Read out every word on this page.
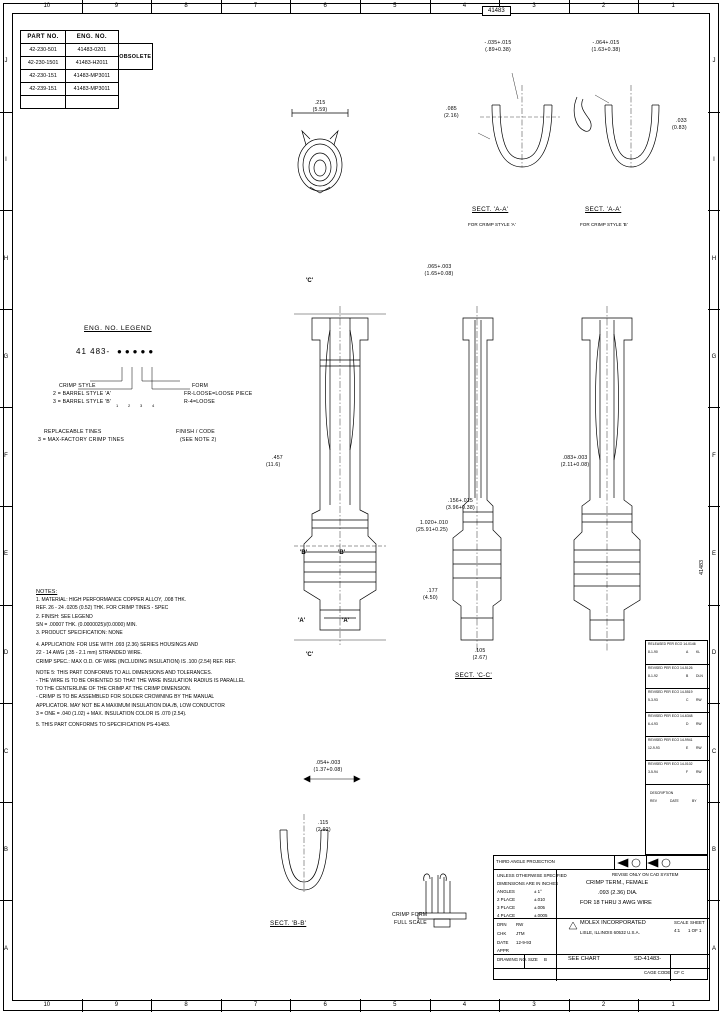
10	9	8	7	6	5	4	3	2	1
10	9	8	7	6	5	4	3	2	1
J
I
H
G
F
E
D
C
B
A
J
I
H
G
F
E
D
C
B
A
41483
PART NO.	ENG. NO.	
42-230-501	41483-0201	OBSOLETE
42-230-1501	41483-H2011	
42-230-151	41483-MP3011	
42-239-151	41483-MP3011	

ENG. NO. LEGEND
41 483- ●●●●●
1 2 3 4
CRIMP STYLE
2 = BARREL STYLE 'A'
3 = BARREL STYLE 'B'
REPLACEABLE TINES
3 = MAX-FACTORY CRIMP TINES
FORM
FR-LOOSE=LOOSE PIECE
R-4=LOOSE
FINISH / CODE
(SEE NOTE 2)
NOTES:
1. MATERIAL: HIGH PERFORMANCE COPPER ALLOY, .008 THK.
REF. 26 - 24 .0205 (0.52) THK. FOR CRIMP TINES - SPEC
2. FINISH: SEE LEGEND
SN = .00007 THK. (0.0000025)/(0.0000) MIN.
3. PRODUCT SPECIFICATION: NONE
4. APPLICATION: FOR USE WITH .093 (2.36) SERIES HOUSINGS AND
22 - 14 AWG (.35 - 2.1 mm) STRANDED WIRE.
CRIMP SPEC.: MAX O.D. OF WIRE (INCLUDING INSULATION) IS .100 (2.54) REF. REF.
NOTE 5: THIS PART CONFORMS TO ALL DIMENSIONS AND TOLERANCES.
- THE WIRE IS TO BE ORIENTED SO THAT THE WIRE INSULATION RADIUS IS PARALLEL
TO THE CENTERLINE OF THE CRIMP AT THE CRIMP DIMENSION.
- CRIMP IS TO BE ASSEMBLED FOR SOLDER CROWNING BY THE MANUAL
APPLICATOR. MAY NOT BE A MAXIMUM INSULATION DIA./B, LOW CONDUCTOR
3 = ONE = .040 (1.02) + MAX. INSULATION COLOR IS .070 (2.54).
5. THIS PART CONFORMS TO SPECIFICATION PS-41483.
.215
(5.59)
-.035+.015
(.89+0.38)
.085
(2.16)
SECT. 'A-A'
FOR CRIMP STYLE 'A'
-.064+.015
(1.63+0.38)
.033
(0.83)
SECT. 'A-A'
FOR CRIMP STYLE 'B'
'C'
'B'	'B'
'A'	'A'
'C'
.457
(11.6)
.065+.003
(1.65+0.08)
.156+.015
(3.96+0.38)
1.020+.010
(25.91+0.25)
.177
(4.50)
.105
(2.67)
SECT. 'C-C'
.083+.003
(2.11+0.08)
.054+.003
(1.37+0.08)
.115
(2.92)
SECT. 'B-B'
CRIMP FORM
FULL SCALE
RELEASED PER ECO 14-0146
8-1-90	A KL
REVISED PER ECO 14-5126
8-1-92	B DLN
REVISED PER ECO 14-5519
5-3-93	C RW
REVISED PER ECO 14-6348
6-4-93	D RW
REVISED PER ECO 14-9941
12-9-93	E RW
REVISED PER ECO 14-0102
3-5-94	F RW
DESCRIPTION
REV	DATE	BY
41483
THIRD ANGLE PROJECTION
REVISE ONLY ON CAD SYSTEM
UNLESS OTHERWISE SPECIFIED
DIMENSIONS ARE IN INCHES
ANGLES	± 1°
2 PLACE	±.010
3 PLACE	±.005
4 PLACE	±.0005
DRN RW
CHK JTM
DATE 12-9-93
APPR
CRIMP TERM., FEMALE
.093 (2.36) DIA.
FOR 18 THRU 3 AWG WIRE
MOLEX INCORPORATED
LISLE, ILLINOIS 60532 U.S.A.
SCALE
4:1
SHEET
1 OF 1
SEE CHART	SD-41483-
DRAWING NO. SIZE B
CF C
CAGE CODE
